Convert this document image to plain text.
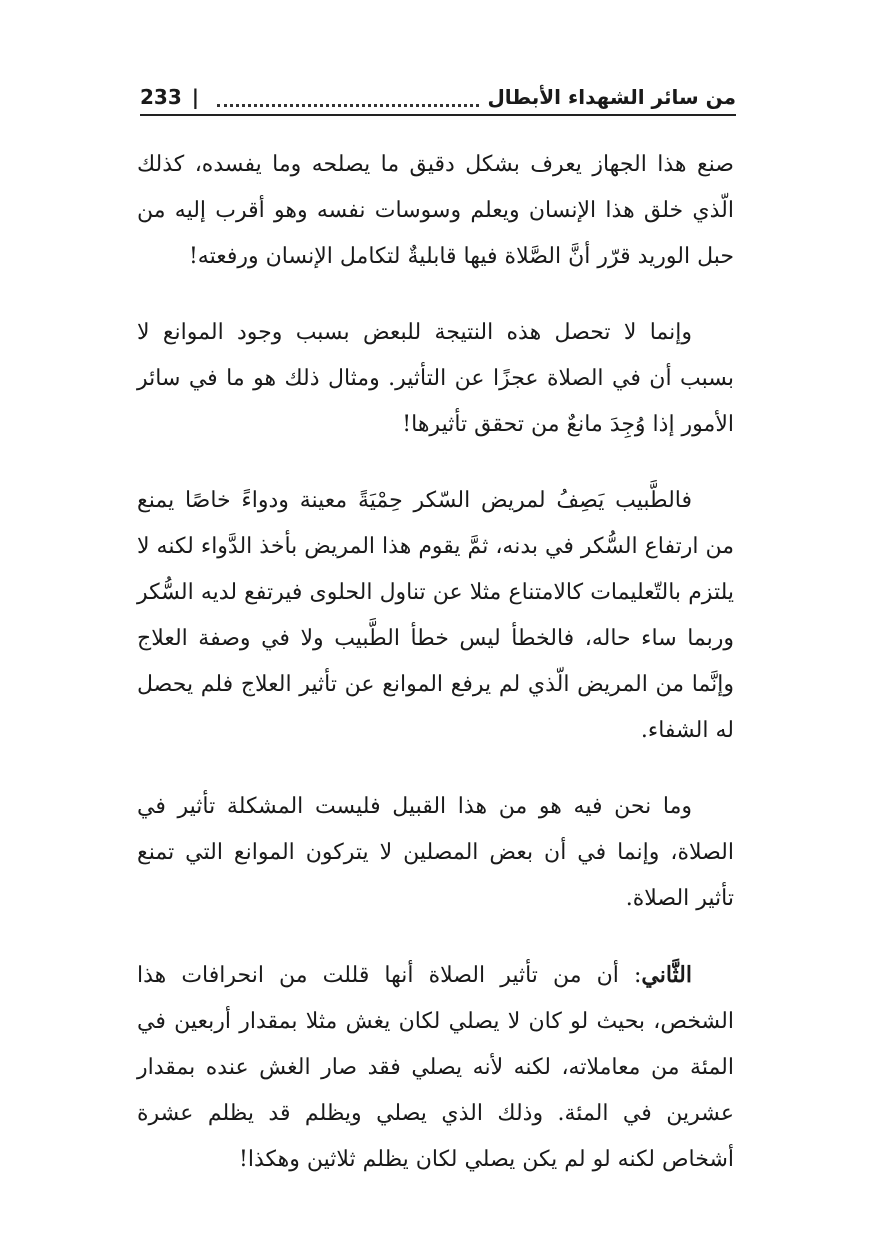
من سائر الشهداء الأبطال
|
233

صنع هذا الجهاز يعرف بشكل دقيق ما يصلحه وما يفسده، كذلك الّذي خلق هذا الإنسان ويعلم وسوسات نفسه وهو أقرب إليه من حبل الوريد قرّر أنَّ الصَّلاة فيها قابليةٌ لتكامل الإنسان ورفعته!

وإنما لا تحصل هذه النتيجة للبعض بسبب وجود الموانع لا بسبب أن في الصلاة عجزًا عن التأثير. ومثال ذلك هو ما في سائر الأمور إذا وُجِدَ مانعٌ من تحقق تأثيرها!

فالطَّبيب يَصِفُ لمريض السّكر حِمْيَةً معينة ودواءً خاصًا يمنع من ارتفاع السُّكر في بدنه، ثمَّ يقوم هذا المريض بأخذ الدَّواء لكنه لا يلتزم بالتّعليمات كالامتناع مثلا عن تناول الحلوى فيرتفع لديه السُّكر وربما ساء حاله، فالخطأ ليس خطأ الطَّبيب ولا في وصفة العلاج وإنَّما من المريض الّذي لم يرفع الموانع عن تأثير العلاج فلم يحصل له الشفاء.

وما نحن فيه هو من هذا القبيل فليست المشكلة تأثير في الصلاة، وإنما في أن بعض المصلين لا يتركون الموانع التي تمنع تأثير الصلاة.

الثَّاني: أن من تأثير الصلاة أنها قللت من انحرافات هذا الشخص، بحيث لو كان لا يصلي لكان يغش مثلا بمقدار أربعين في المئة من معاملاته، لكنه لأنه يصلي فقد صار الغش عنده بمقدار عشرين في المئة. وذلك الذي يصلي ويظلم قد يظلم عشرة أشخاص لكنه لو لم يكن يصلي لكان يظلم ثلاثين وهكذا!
